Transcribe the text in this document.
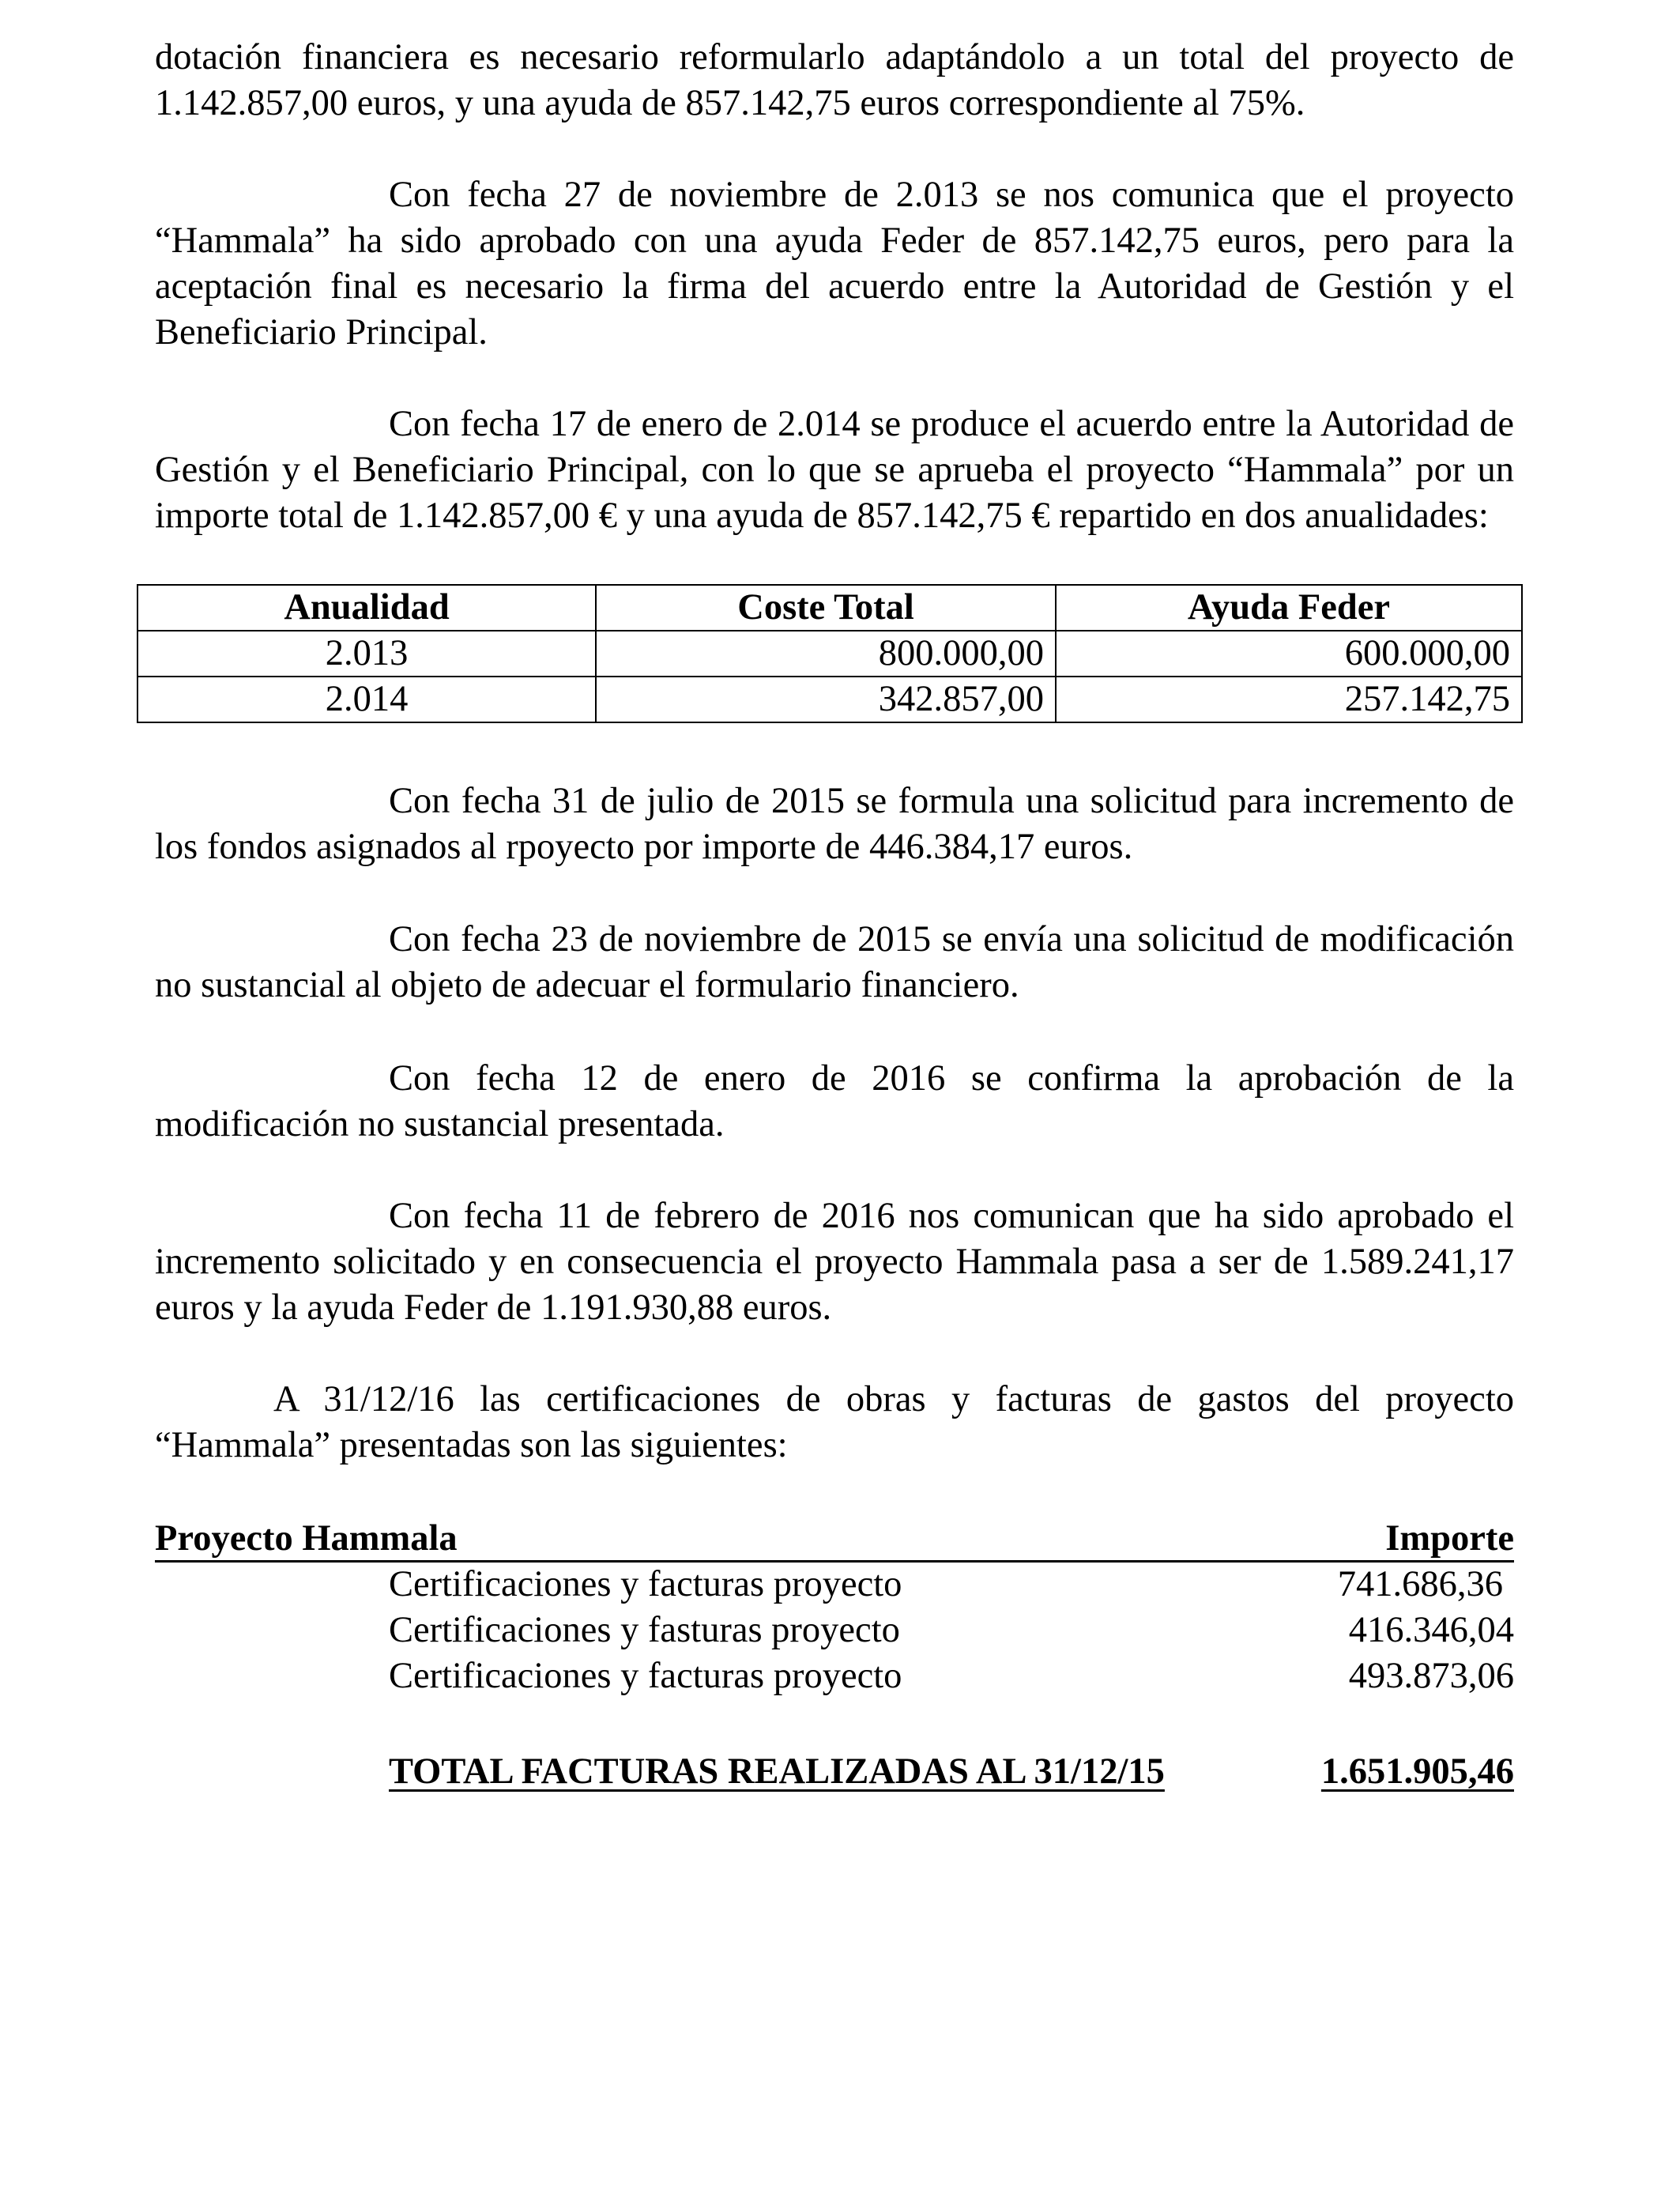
dotación financiera es necesario reformularlo adaptándolo a un total del proyecto de 1.142.857,00 euros, y una ayuda de 857.142,75 euros correspondiente al 75%.

Con fecha 27 de noviembre de 2.013 se nos comunica que el proyecto “Hammala” ha sido aprobado con una ayuda Feder de 857.142,75 euros, pero para la aceptación final es necesario la firma del acuerdo entre la Autoridad de Gestión y el Beneficiario Principal.

Con fecha 17 de enero de 2.014 se produce el acuerdo entre la Autoridad de Gestión y el Beneficiario Principal, con lo que se aprueba el proyecto “Hammala” por un importe total de 1.142.857,00 € y una ayuda de 857.142,75 € repartido en dos anualidades:

Anualidad	Coste Total	Ayuda Feder
2.013	800.000,00	600.000,00
2.014	342.857,00	257.142,75

Con fecha 31 de julio de 2015 se formula una solicitud para incremento de los fondos asignados al rpoyecto por importe de 446.384,17 euros.

Con fecha 23 de noviembre de 2015 se envía una solicitud de modificación no sustancial al objeto de adecuar el formulario financiero.

Con fecha 12 de enero de 2016 se confirma la aprobación de la modificación no sustancial presentada.

Con fecha 11 de febrero de 2016 nos comunican que ha sido aprobado el incremento solicitado y en consecuencia el proyecto Hammala pasa a ser de 1.589.241,17 euros y la ayuda Feder de 1.191.930,88 euros.

A 31/12/16 las certificaciones de obras y facturas de gastos del proyecto “Hammala” presentadas son las siguientes:

Proyecto Hammala	Importe
Certificaciones y facturas proyecto	741.686,36
Certificaciones y fasturas proyecto	416.346,04
Certificaciones y facturas proyecto	493.873,06
TOTAL FACTURAS REALIZADAS AL 31/12/15	1.651.905,46
